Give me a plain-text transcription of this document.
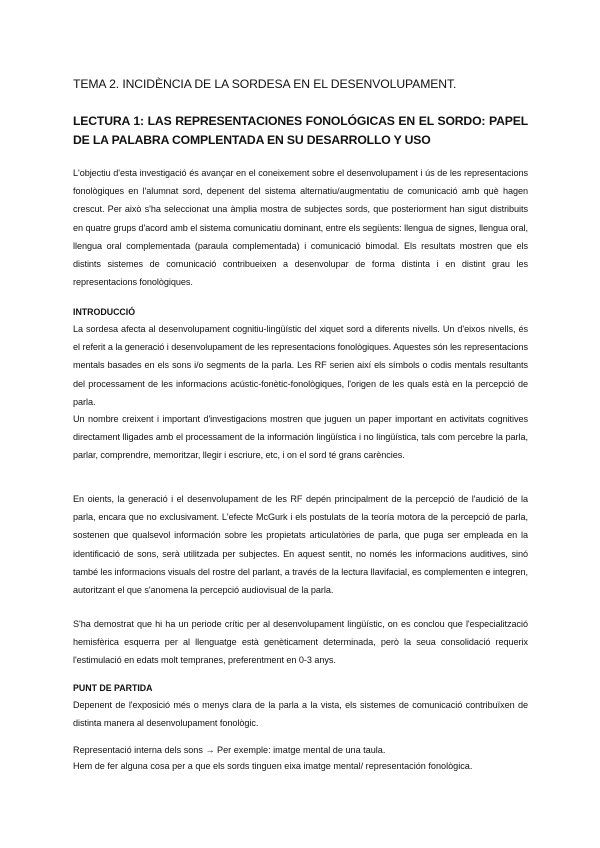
TEMA 2. INCIDÈNCIA DE LA SORDESA EN EL DESENVOLUPAMENT.
LECTURA 1: LAS REPRESENTACIONES FONOLÓGICAS EN EL SORDO: PAPEL DE LA PALABRA COMPLENTADA EN SU DESARROLLO Y USO

L'objectiu d'esta investigació és avançar en el coneixement sobre el desenvolupament i ús de les representacions fonològiques en l'alumnat sord, depenent del sistema alternatiu/augmentatiu de comunicació amb què hagen crescut. Per això s'ha seleccionat una àmplia mostra de subjectes sords, que posteriorment han sigut distribuits en quatre grups d'acord amb el sistema comunicatiu dominant, entre els següents: llengua de signes, llengua oral, llengua oral complementada (paraula complementada) i comunicació bimodal. Els resultats mostren que els distints sistemes de comunicació contribueixen a desenvolupar de forma distinta i en distint grau les representacions fonològiques.

INTRODUCCIÓ

La sordesa afecta al desenvolupament cognitiu-lingüístic del xiquet sord a diferents nivells. Un d'eixos nivells, és el referit a la generació i desenvolupament de les representacions fonològiques. Aquestes són les representacions mentals basades en els sons i/o segments de la parla. Les RF serien així els símbols o codis mentals resultants del processament de les informacions acústic-fonètic-fonològiques, l'origen de les quals està en la percepció de parla.

Un nombre creixent i important d'investigacions mostren que juguen un paper important en activitats cognitives directament lligades amb el processament de la información lingüística i no lingüística, tals com percebre la parla, parlar, comprendre, memoritzar, llegir i escriure, etc, i on el sord té grans carències.

En oients, la generació i el desenvolupament de les RF depén principalment de la percepció de l'audició de la parla, encara que no exclusivament. L'efecte McGurk i els postulats de la teoría motora de la percepció de parla, sostenen que qualsevol información sobre les propietats articulatòries de parla, que puga ser empleada en la identificació de sons, serà utilitzada per subjectes. En aquest sentit, no només les informacions auditives, sinó també les informacions visuals del rostre del parlant, a través de la lectura llavifacial, es complementen e integren, autoritzant el que s'anomena la percepció audiovisual de la parla.

S'ha demostrat que hi ha un periode crític per al desenvolupament lingüístic, on es conclou que l'especialització hemisfèrica esquerra per al llenguatge està genèticament determinada, però la seua consolidació requerix l'estimulació en edats molt tempranes, preferentment en 0-3 anys.

PUNT DE PARTIDA

Depenent de l'exposició més o menys clara de la parla a la vista, els sistemes de comunicació contribuïxen de distinta manera al desenvolupament fonològic.

Representació interna dels sons → Per exemple: imatge mental de una taula.
Hem de fer alguna cosa per a que els sords tinguen eixa imatge mental/ representación fonològica.
